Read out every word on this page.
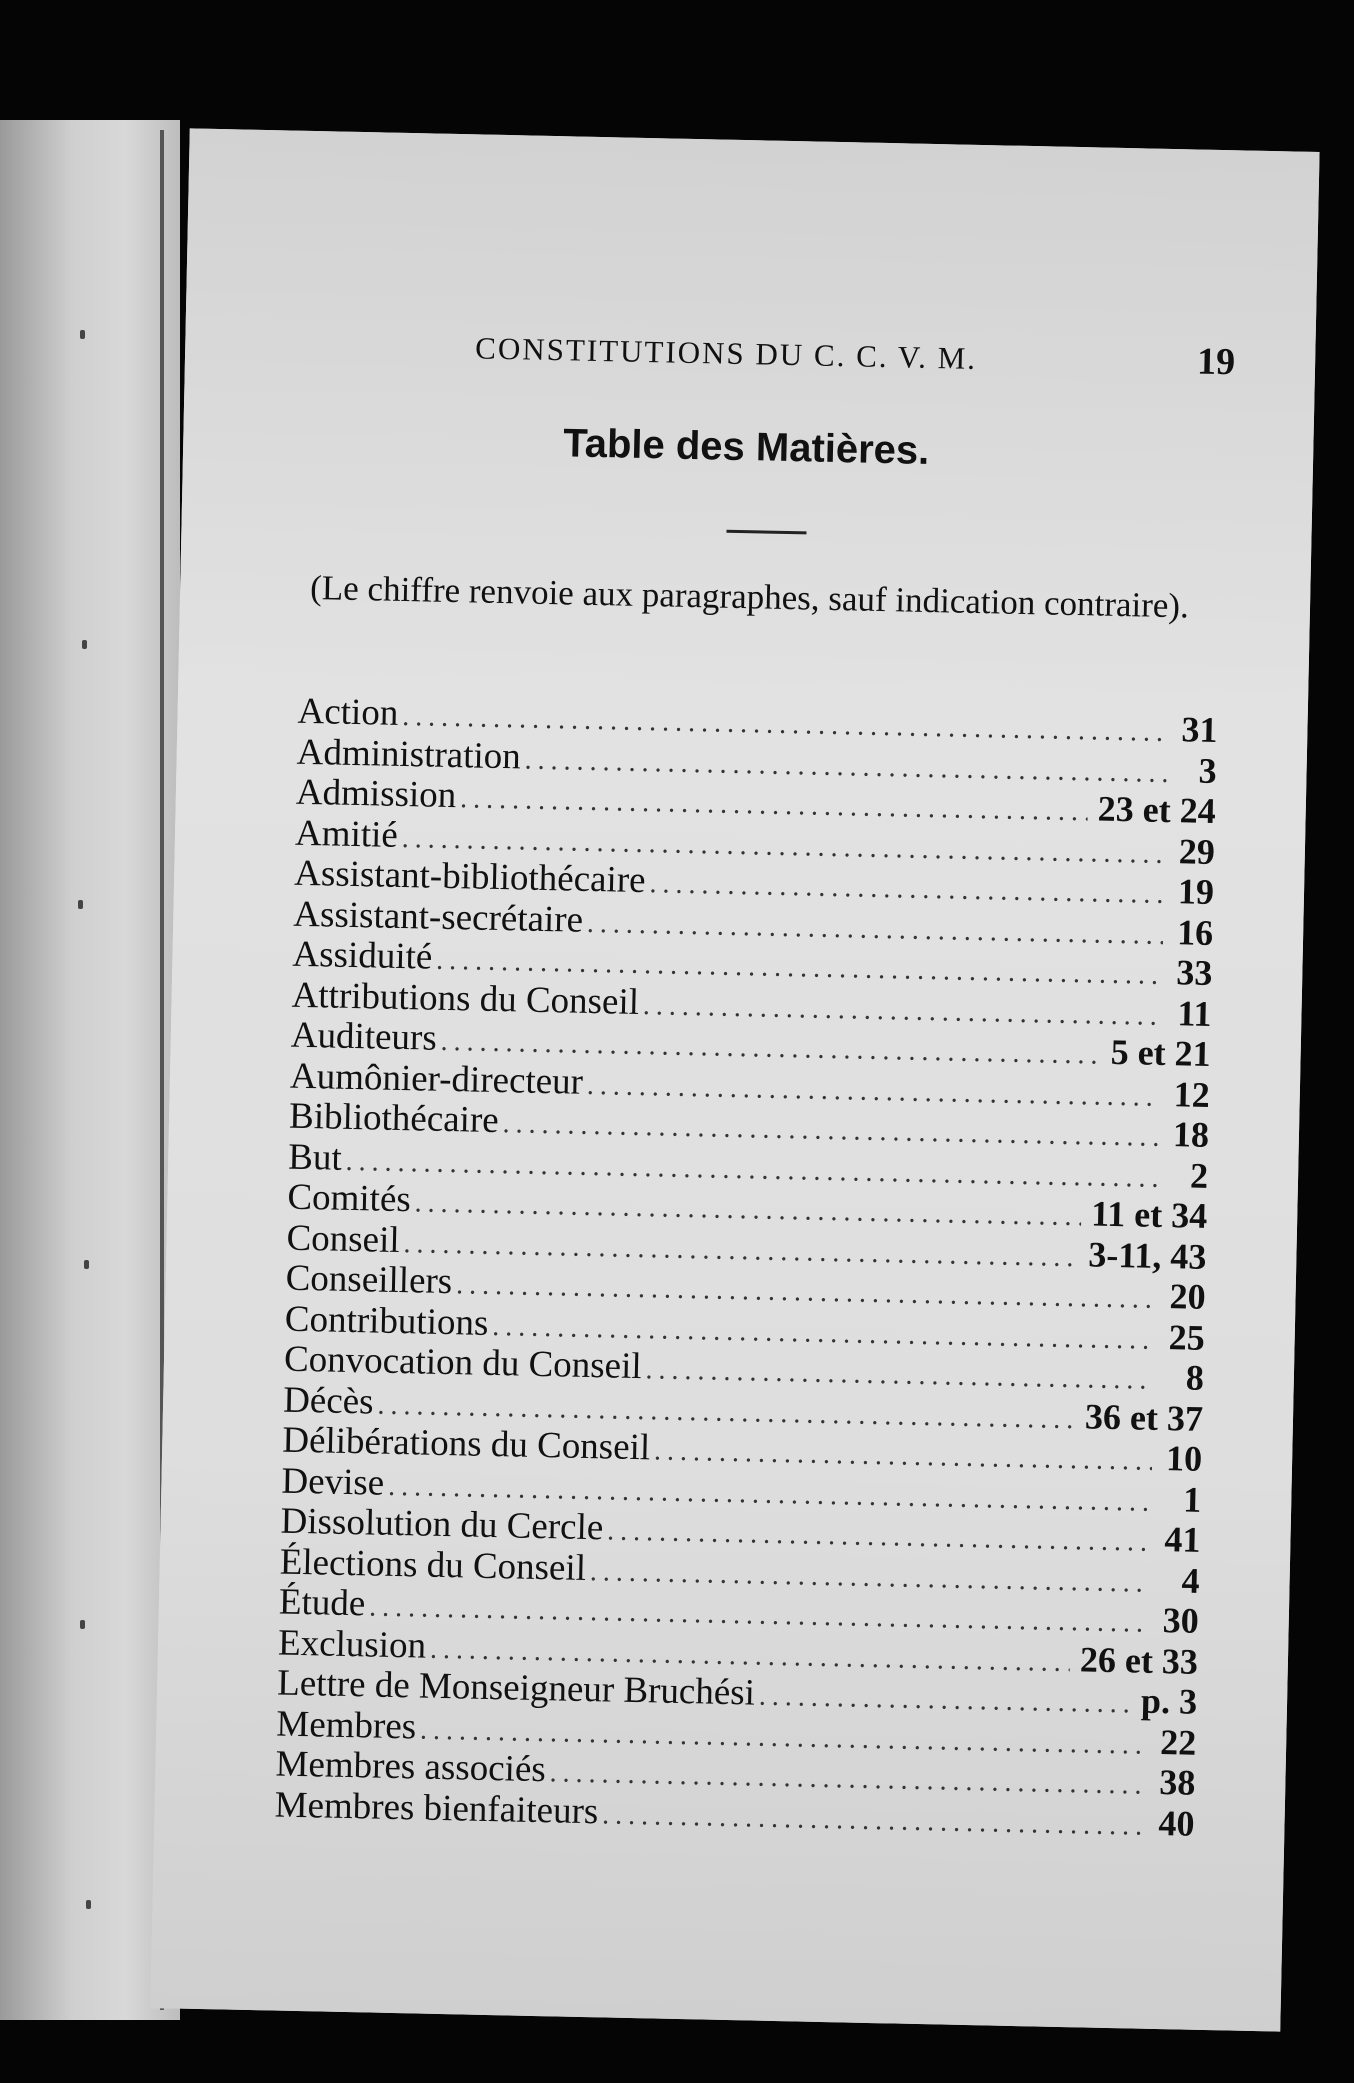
CONSTITUTIONS DU C. C. V. M.	19
Table des Matières.
(Le chiffre renvoie aux paragraphes, sauf indication contraire).
Action .....	31
Administration .....	3
Admission .....	23 et 24
Amitié .....	29
Assistant-bibliothécaire .....	19
Assistant-secrétaire .....	16
Assiduité .....	33
Attributions du Conseil .....	11
Auditeurs .....	5 et 21
Aumônier-directeur .....	12
Bibliothécaire .....	18
But .....	2
Comités .....	11 et 34
Conseil .....	3-11, 43
Conseillers .....	20
Contributions .....	25
Convocation du Conseil .....	8
Décès .....	36 et 37
Délibérations du Conseil .....	10
Devise .....	1
Dissolution du Cercle .....	41
Élections du Conseil .....	4
Étude .....	30
Exclusion .....	26 et 33
Lettre de Monseigneur Bruchési .....	p. 3
Membres .....	22
Membres associés .....	38
Membres bienfaiteurs .....	40
